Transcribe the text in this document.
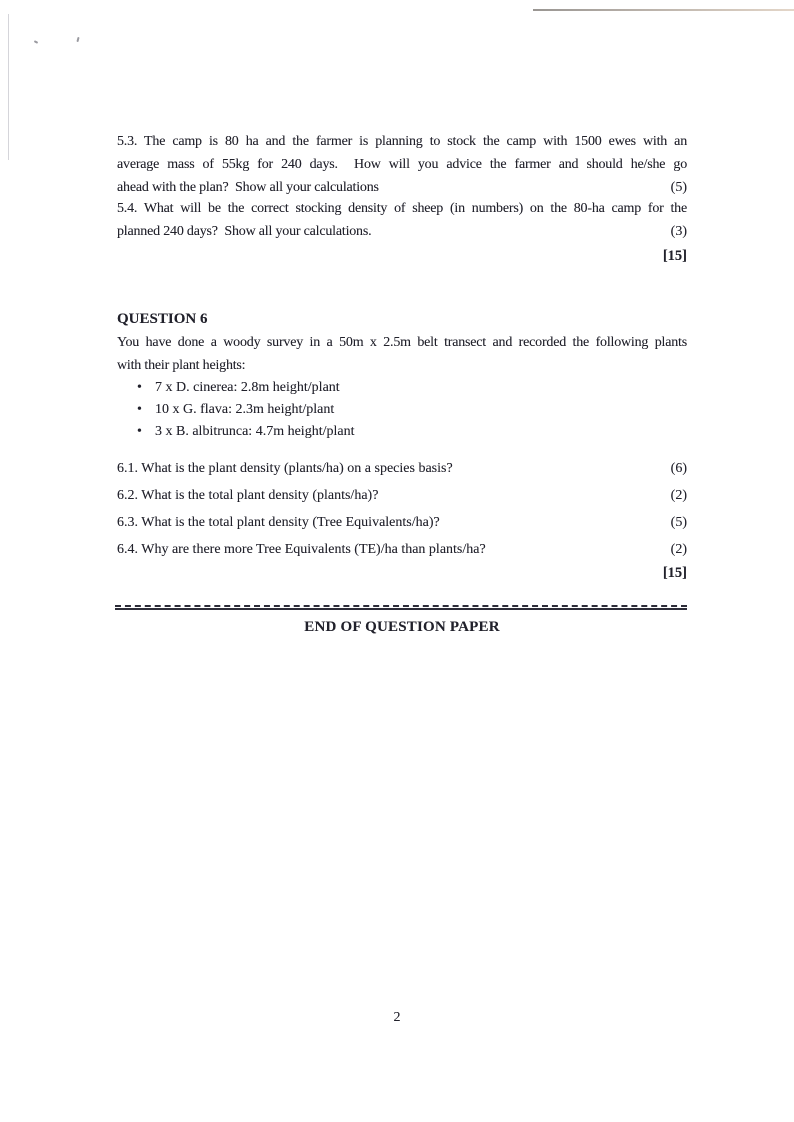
5.3. The camp is 80 ha and the farmer is planning to stock the camp with 1500 ewes with an
average mass of 55kg for 240 days.  How will you advice the farmer and should he/she go
ahead with the plan?  Show all your calculations	(5)
5.4. What will be the correct stocking density of sheep (in numbers) on the 80-ha camp for the
planned 240 days?  Show all your calculations.	(3)
[15]
QUESTION 6
You have done a woody survey in a 50m x 2.5m belt transect and recorded the following plants
with their plant heights:
• 7 x D. cinerea: 2.8m height/plant
• 10 x G. flava: 2.3m height/plant
• 3 x B. albitrunca: 4.7m height/plant
6.1. What is the plant density (plants/ha) on a species basis?	(6)
6.2. What is the total plant density (plants/ha)?	(2)
6.3. What is the total plant density (Tree Equivalents/ha)?	(5)
6.4. Why are there more Tree Equivalents (TE)/ha than plants/ha?	(2)
[15]
END OF QUESTION PAPER
2
